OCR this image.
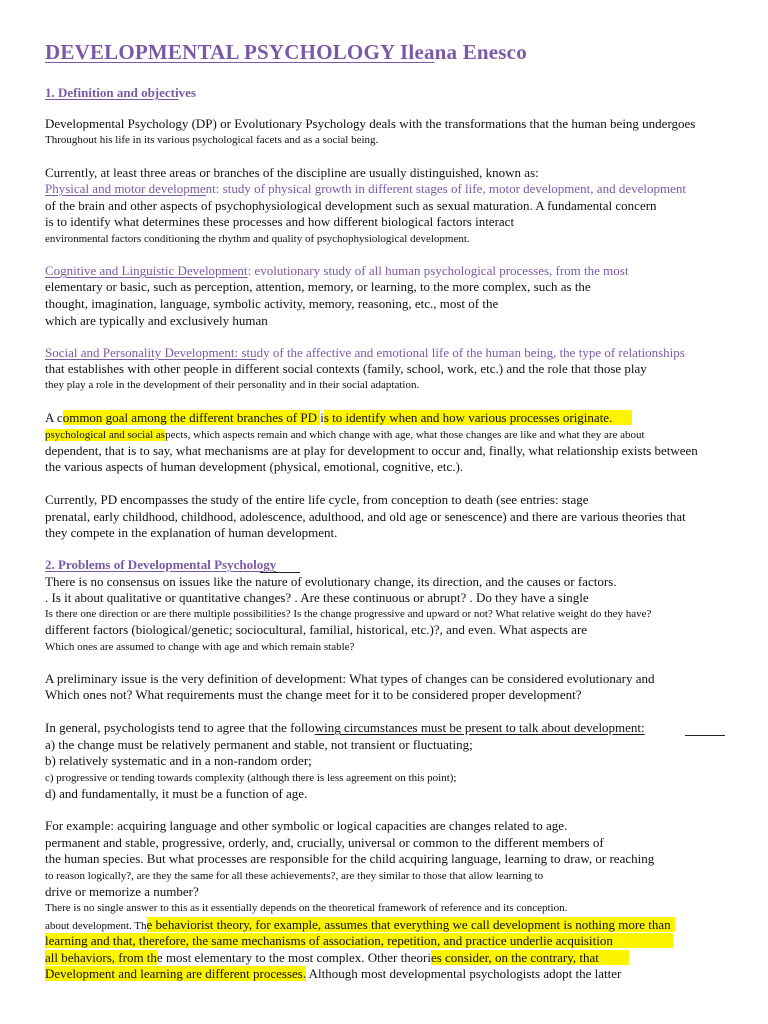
DEVELOPMENTAL PSYCHOLOGY Ileana Enesco
1. Definition and objectives
Developmental Psychology (DP) or Evolutionary Psychology deals with the transformations that the human being undergoes
Throughout his life in its various psychological facets and as a social being.
Currently, at least three areas or branches of the discipline are usually distinguished, known as:
Physical and motor development: study of physical growth in different stages of life, motor development, and development
of the brain and other aspects of psychophysiological development such as sexual maturation. A fundamental concern
is to identify what determines these processes and how different biological factors interact
environmental factors conditioning the rhythm and quality of psychophysiological development.
Cognitive and Linguistic Development: evolutionary study of all human psychological processes, from the most
elementary or basic, such as perception, attention, memory, or learning, to the more complex, such as the
thought, imagination, language, symbolic activity, memory, reasoning, etc., most of the
which are typically and exclusively human
Social and Personality Development: study of the affective and emotional life of the human being, the type of relationships
that establishes with other people in different social contexts (family, school, work, etc.) and the role that those play
they play a role in the development of their personality and in their social adaptation.
A common goal among the different branches of PD is to identify when and how various processes originate.
psychological and social aspects, which aspects remain and which change with age, what those changes are like and what they are about
dependent, that is to say, what mechanisms are at play for development to occur and, finally, what relationship exists between
the various aspects of human development (physical, emotional, cognitive, etc.).
Currently, PD encompasses the study of the entire life cycle, from conception to death (see entries: stage
prenatal, early childhood, childhood, adolescence, adulthood, and old age or senescence) and there are various theories that
they compete in the explanation of human development.
2. Problems of Developmental Psychology
There is no consensus on issues like the nature of evolutionary change, its direction, and the causes or factors.
. Is it about qualitative or quantitative changes? . Are these continuous or abrupt? . Do they have a single
Is there one direction or are there multiple possibilities? Is the change progressive and upward or not? What relative weight do they have?
different factors (biological/genetic; sociocultural, familial, historical, etc.)?, and even. What aspects are
Which ones are assumed to change with age and which remain stable?
A preliminary issue is the very definition of development: What types of changes can be considered evolutionary and
Which ones not? What requirements must the change meet for it to be considered proper development?
In general, psychologists tend to agree that the following circumstances must be present to talk about development:
a) the change must be relatively permanent and stable, not transient or fluctuating;
b) relatively systematic and in a non-random order;
c) progressive or tending towards complexity (although there is less agreement on this point);
d) and fundamentally, it must be a function of age.
For example: acquiring language and other symbolic or logical capacities are changes related to age.
permanent and stable, progressive, orderly, and, crucially, universal or common to the different members of
the human species. But what processes are responsible for the child acquiring language, learning to draw, or reaching
to reason logically?, are they the same for all these achievements?, are they similar to those that allow learning to
drive or memorize a number?
There is no single answer to this as it essentially depends on the theoretical framework of reference and its conception.
about development. The behaviorist theory, for example, assumes that everything we call development is nothing more than
learning and that, therefore, the same mechanisms of association, repetition, and practice underlie acquisition
all behaviors, from the most elementary to the most complex. Other theories consider, on the contrary, that
Development and learning are different processes. Although most developmental psychologists adopt the latter
